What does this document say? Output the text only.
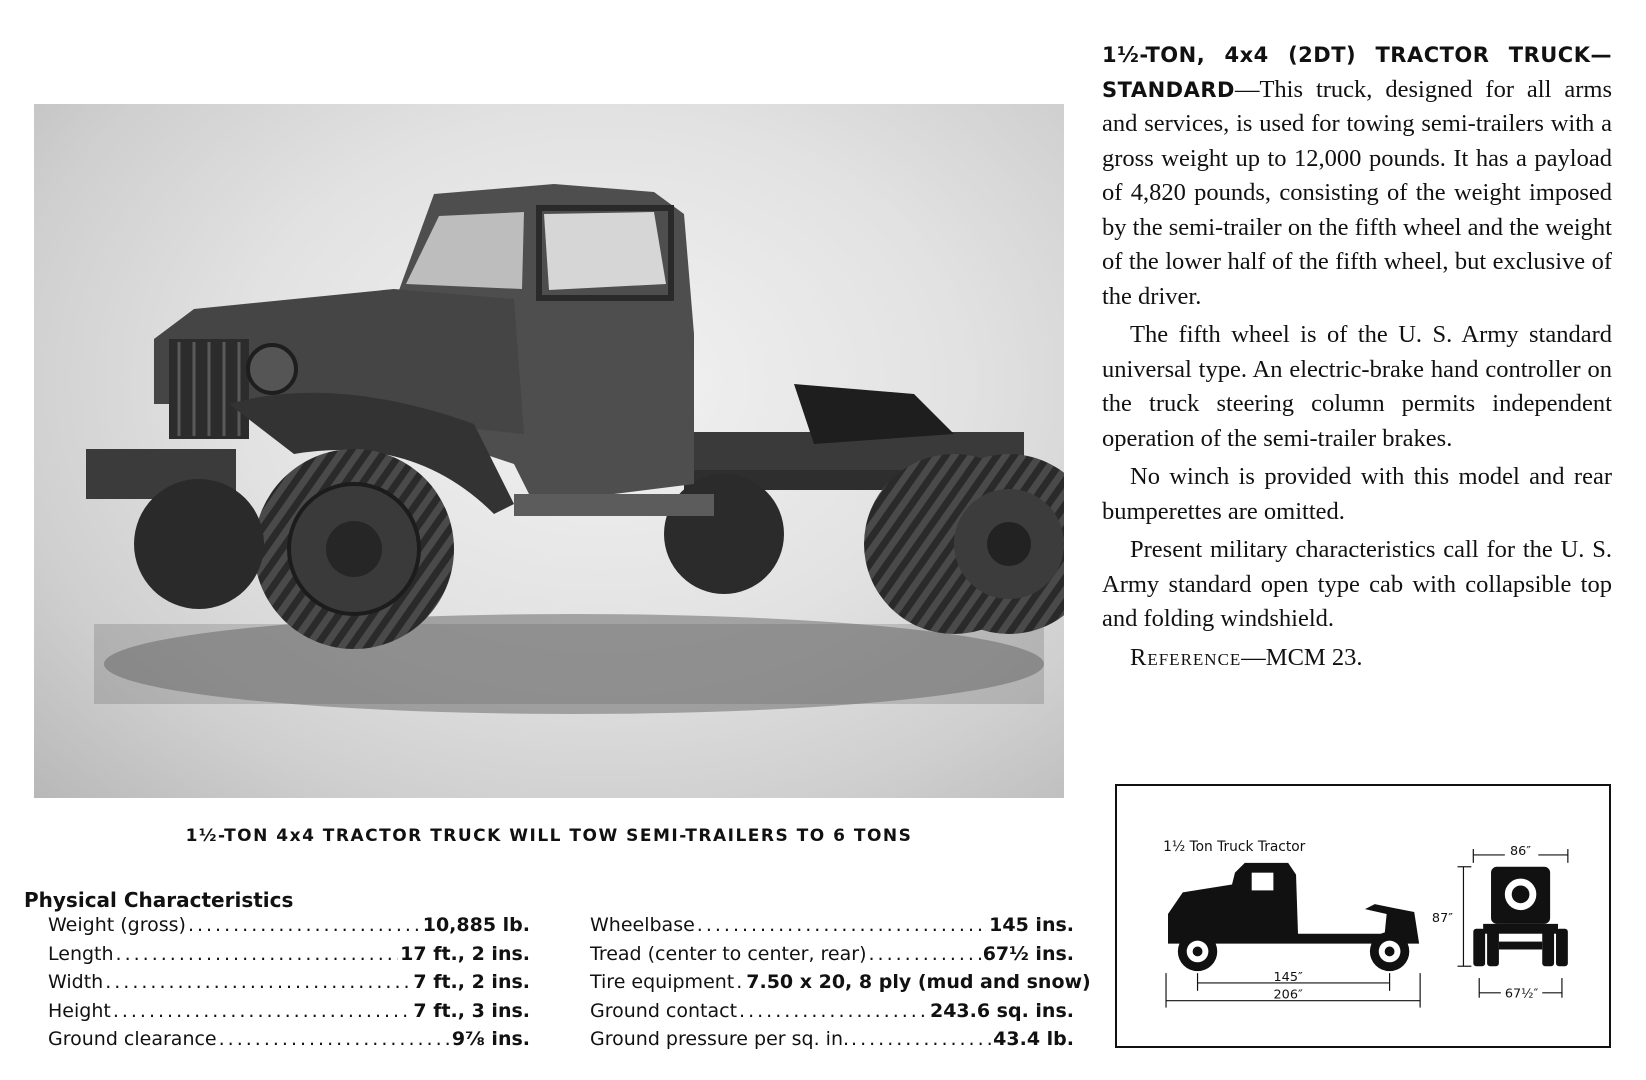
1½-TON 4x4 TRACTOR TRUCK WILL TOW SEMI-TRAILERS TO 6 TONS

1½-TON, 4x4 (2DT) TRACTOR TRUCK— STANDARD—This truck, designed for all arms and services, is used for towing semi-trailers with a gross weight up to 12,000 pounds. It has a payload of 4,820 pounds, consisting of the weight imposed by the semi-trailer on the fifth wheel and the weight of the lower half of the fifth wheel, but exclusive of the driver.

The fifth wheel is of the U. S. Army standard universal type. An electric-brake hand controller on the truck steering column permits independent operation of the semi-trailer brakes.

No winch is provided with this model and rear bumperettes are omitted.

Present military characteristics call for the U. S. Army standard open type cab with collapsible top and folding windshield.

Reference—MCM 23.

1½ Ton Truck Tractor
145″
206″
86″
87″
67½″
Physical Characteristics
Weight (gross) .....	10,885 lb.
Length .....	17 ft., 2 ins.
Width .....	7 ft., 2 ins.
Height .....	7 ft., 3 ins.
Ground clearance .....	9⅞ ins.
Wheelbase .....	145 ins.
Tread (center to center, rear) .....	67½ ins.
Tire equipment ..... 7.50 x 20, 8 ply (mud and snow)
Ground contact .....	243.6 sq. ins.
Ground pressure per sq. in. .....	43.4 lb.
